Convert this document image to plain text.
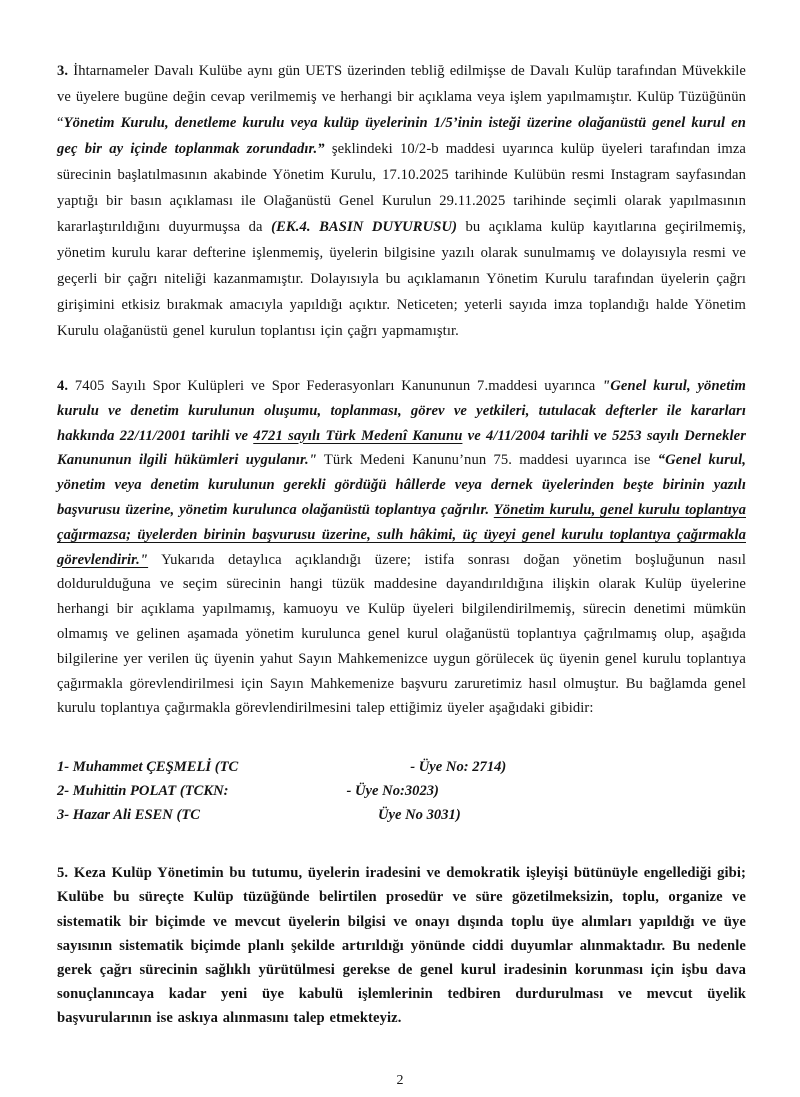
3. İhtarnameler Davalı Kulübe aynı gün UETS üzerinden tebliğ edilmişse de Davalı Kulüp tarafından Müvekkile ve üyelere bugüne değin cevap verilmemiş ve herhangi bir açıklama veya işlem yapılmamıştır. Kulüp Tüzüğünün “Yönetim Kurulu, denetleme kurulu veya kulüp üyelerinin 1/5’inin isteği üzerine olağanüstü genel kurul en geç bir ay içinde toplanmak zorundadır.” şeklindeki 10/2-b maddesi uyarınca kulüp üyeleri tarafından imza sürecinin başlatılmasının akabinde Yönetim Kurulu, 17.10.2025 tarihinde Kulübün resmi Instagram sayfasından yaptığı bir basın açıklaması ile Olağanüstü Genel Kurulun 29.11.2025 tarihinde seçimli olarak yapılmasının kararlaştırıldığını duyurmuşsa da (EK.4. BASIN DUYURUSU) bu açıklama kulüp kayıtlarına geçirilmemiş, yönetim kurulu karar defterine işlenmemiş, üyelerin bilgisine yazılı olarak sunulmamış ve dolayısıyla resmi ve geçerli bir çağrı niteliği kazanmamıştır. Dolayısıyla bu açıklamanın Yönetim Kurulu tarafından üyelerin çağrı girişimini etkisiz bırakmak amacıyla yapıldığı açıktır. Neticeten; yeterli sayıda imza toplandığı halde Yönetim Kurulu olağanüstü genel kurulun toplantısı için çağrı yapmamıştır.

4. 7405 Sayılı Spor Kulüpleri ve Spor Federasyonları Kanununun 7.maddesi uyarınca "Genel kurul, yönetim kurulu ve denetim kurulunun oluşumu, toplanması, görev ve yetkileri, tutulacak defterler ile kararları hakkında 22/11/2001 tarihli ve 4721 sayılı Türk Medenî Kanunu ve 4/11/2004 tarihli ve 5253 sayılı Dernekler Kanununun ilgili hükümleri uygulanır." Türk Medeni Kanunu’nun 75. maddesi uyarınca ise “Genel kurul, yönetim veya denetim kurulunun gerekli gördüğü hâllerde veya dernek üyelerinden beşte birinin yazılı başvurusu üzerine, yönetim kurulunca olağanüstü toplantıya çağrılır. Yönetim kurulu, genel kurulu toplantıya çağırmazsa; üyelerden birinin başvurusu üzerine, sulh hâkimi, üç üyeyi genel kurulu toplantıya çağırmakla görevlendirir." Yukarıda detaylıca açıklandığı üzere; istifa sonrası doğan yönetim boşluğunun nasıl doldurulduğuna ve seçim sürecinin hangi tüzük maddesine dayandırıldığına ilişkin olarak Kulüp üyelerine herhangi bir açıklama yapılmamış, kamuoyu ve Kulüp üyeleri bilgilendirilmemiş, sürecin denetimi mümkün olmamış ve gelinen aşamada yönetim kurulunca genel kurul olağanüstü toplantıya çağrılmamış olup, aşağıda bilgilerine yer verilen üç üyenin yahut Sayın Mahkemenizce uygun görülecek üç üyenin genel kurulu toplantıya çağırmakla görevlendirilmesi için Sayın Mahkemenize başvuru zaruretimiz hasıl olmuştur. Bu bağlamda genel kurulu toplantıya çağırmakla görevlendirilmesini talep ettiğimiz üyeler aşağıdaki gibidir:

1- Muhammet ÇEŞMELİ (TC	- Üye No: 2714)
2- Muhittin POLAT (TCKN:	- Üye No:3023)
3- Hazar Ali ESEN (TC	Üye No 3031)

5. Keza Kulüp Yönetimin bu tutumu, üyelerin iradesini ve demokratik işleyişi bütünüyle engellediği gibi; Kulübe bu süreçte Kulüp tüzüğünde belirtilen prosedür ve süre gözetilmeksizin, toplu, organize ve sistematik bir biçimde ve mevcut üyelerin bilgisi ve onayı dışında toplu üye alımları yapıldığı ve üye sayısının sistematik biçimde planlı şekilde artırıldığı yönünde ciddi duyumlar alınmaktadır. Bu nedenle gerek çağrı sürecinin sağlıklı yürütülmesi gerekse de genel kurul iradesinin korunması için işbu dava sonuçlanıncaya kadar yeni üye kabulü işlemlerinin tedbiren durdurulması ve mevcut üyelik başvurularının ise askıya alınmasını talep etmekteyiz.

2
